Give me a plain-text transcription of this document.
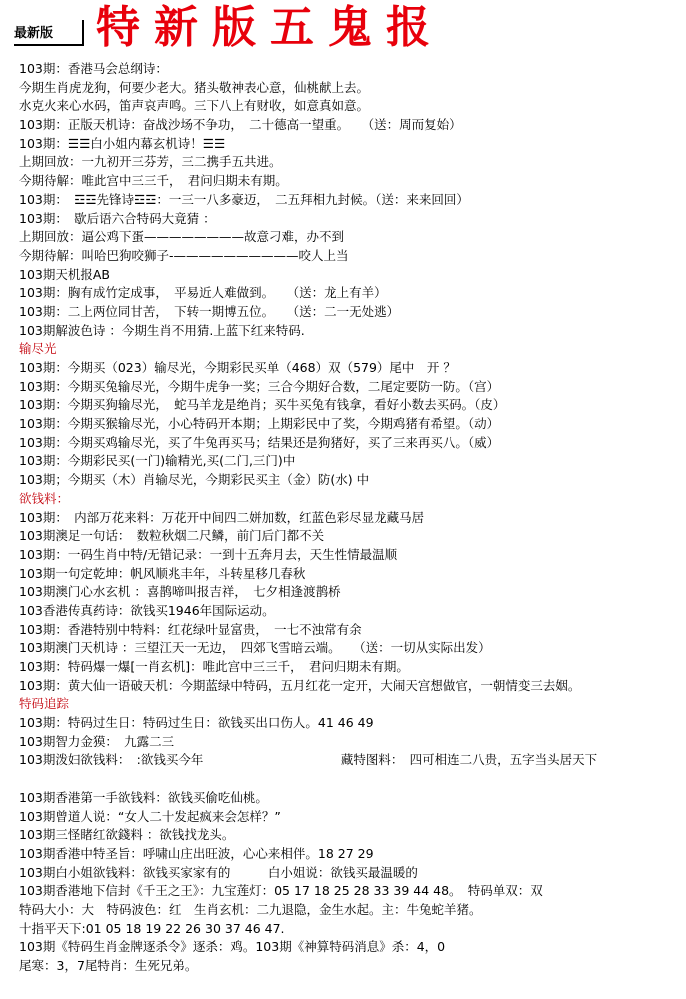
最新版 特新版五鬼报
103期：香港马会总纲诗：
今期生肖虎龙狗，何要少老大。猪头敬神表心意，仙桃献上去。
水克火来心水码，笛声哀声鸣。三下八上有财收，如意真如意。
103期：正版天机诗：奋战沙场不争功，　二十德高一望重。　　（送：周而复始）
103期：☰☰白小姐内幕玄机诗！☰☰
上期回放：一九初开三芬芳，三二携手五共进。
今期待解：唯此宫中三三千，　君问归期未有期。
103期：　☲☲先锋诗☲☲：一三一八多豪迈，　二五拜相九封候。（送：来来回回）
103期：　歇后语六合特码大竟猜 ：
上期回放：逼公鸡下蛋————————故意刁难，办不到
今期待解：叫哈巴狗咬狮子-——————————咬人上当
103期天机报AB
103期：胸有成竹定成事，　平易近人难做到。　　（送：龙上有羊）
103期：二上两位同甘苦，　下转一期博五位。　　（送：二一无处逃）
103期解波色诗 ：今期生肖不用猜.上蓝下红来特码.
输尽光
103期：今期买（023）输尽光，今期彩民买单（468）双（579）尾中　开 ？
103期：今期买兔输尽光，今期牛虎争一奖；三合今期好合数，二尾定要防一防。（宫）
103期：今期买狗输尽光，　蛇马羊龙是绝肖；买牛买兔有钱拿，看好小数去买码。（皮）
103期：今期买猴输尽光，小心特码开本期；上期彩民中了奖，今期鸡猪有希望。（动）
103期：今期买鸡输尽光，买了牛兔再买马；结果还是狗猪好，买了三来再买八。（威）
103期：今期彩民买(一门)输精光,买(二门,三门)中
103期；今期买（木）肖输尽光，今期彩民买主（金）防(水) 中
欲钱料：
103期：　内部万花来料：万花开中间四二姘加数，红蓝色彩尽显龙藏马居
103期澳足一句话：　数粒秋烟二尺鳞，前门后门都不关
103期：一码生肖中特/无错记录：一到十五奔月去，天生性情最温顺
103期一句定乾坤：帆风顺兆丰年，斗转星移几春秋
103期澳门心水玄机 ：喜鹊啼叫报吉祥，　七夕相逢渡鹊桥
103香港传真药诗：欲钱买1946年国际运动。
103期：香港特别中特料：红花绿叶显富贵，　一七不浊常有余
103期澳门天机诗 ：三望江天一无边，　四郊飞雪暗云端。　　（送：一切从实际出发）
103期：特码爆一爆[一肖玄机]：唯此宫中三三千，　君问归期未有期。
103期：黄大仙一语破天机：今期蓝绿中特码，五月红花一定开，大闹天宫想做官，一朝情变三去姻。
特码追踪
103期：特码过生日：特码过生日：欲钱买出口伤人。41 46 49
103期智力金獏：　九露二三
103期泼妇欲钱料：　:欲钱买今年　　　　　　　　　　　藏特图料：　四可相连二八贵，五字当头居天下
103期香港第一手欲钱料：欲钱买偷吃仙桃。
103期曾道人说：“女人二十发起疯来会怎样？”
103期三怪睹红欲錢料 ：欲钱找龙头。
103期香港中特圣旨：呼啸山庄出旺波，心心来相伴。18 27 29
103期白小姐欲钱料：欲钱买家家有的　　　白小姐说：欲钱买最温暖的
103期香港地下信封《千王之王》：九宝莲灯：05 17 18 25 28 33 39 44 48。　特码单双：双
特码大小：大　特码波色：红　生肖玄机：二九退隐，金生水起。主：牛兔蛇羊猪。
十指平天下:01 05 18 19 22 26 30 37 46 47.
103期《特码生肖金牌逐杀令》逐杀：鸡。103期《神算特码消息》杀：4，0
尾寒：3，7尾特肖：生死兄弟。
